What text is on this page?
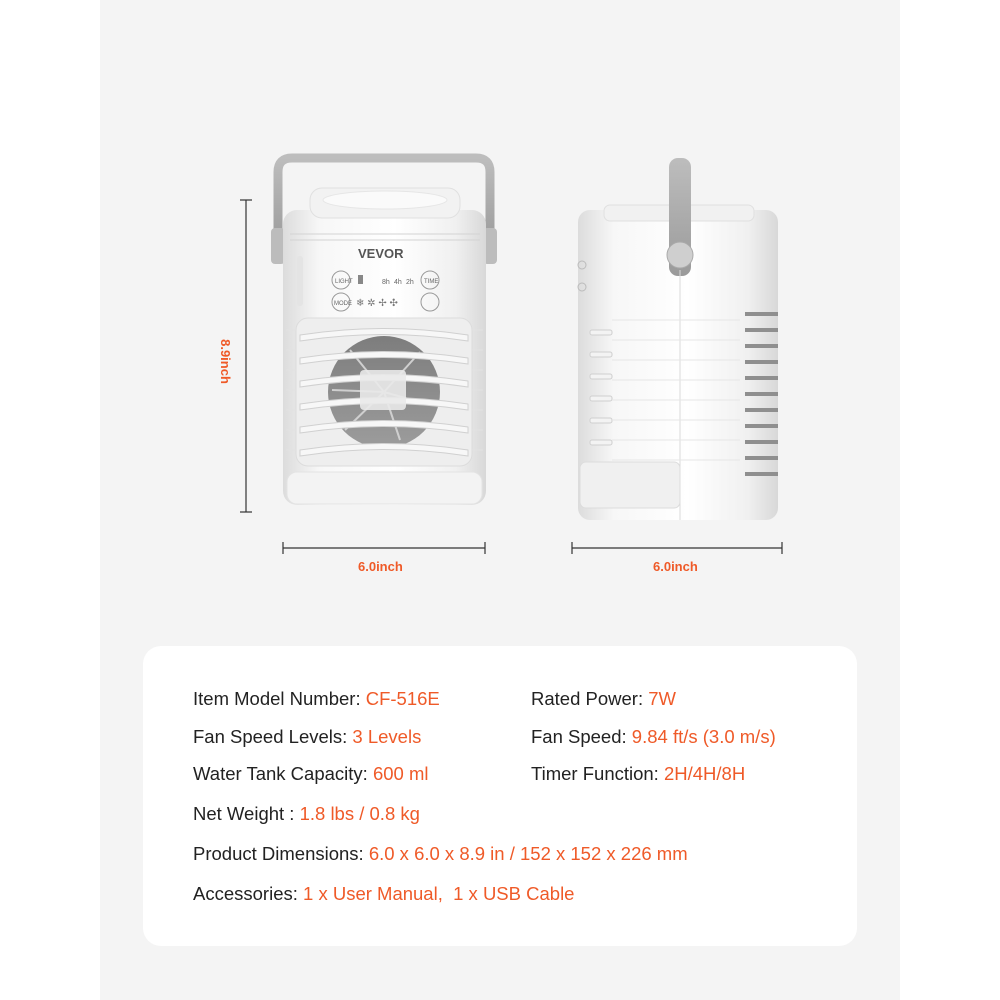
VEVOR
LIGHT	8h 4h 2h TIME
MODE ❄ ✲ ✢ ✣
8.9inch
6.0inch	6.0inch
Item Model Number: CF-516E	Rated Power: 7W
Fan Speed Levels: 3 Levels	Fan Speed: 9.84 ft/s (3.0 m/s)
Water Tank Capacity: 600 ml	Timer Function: 2H/4H/8H
Net Weight : 1.8 lbs / 0.8 kg
Product Dimensions: 6.0 x 6.0 x 8.9 in / 152 x 152 x 226 mm
Accessories: 1 x User Manual,  1 x USB Cable
